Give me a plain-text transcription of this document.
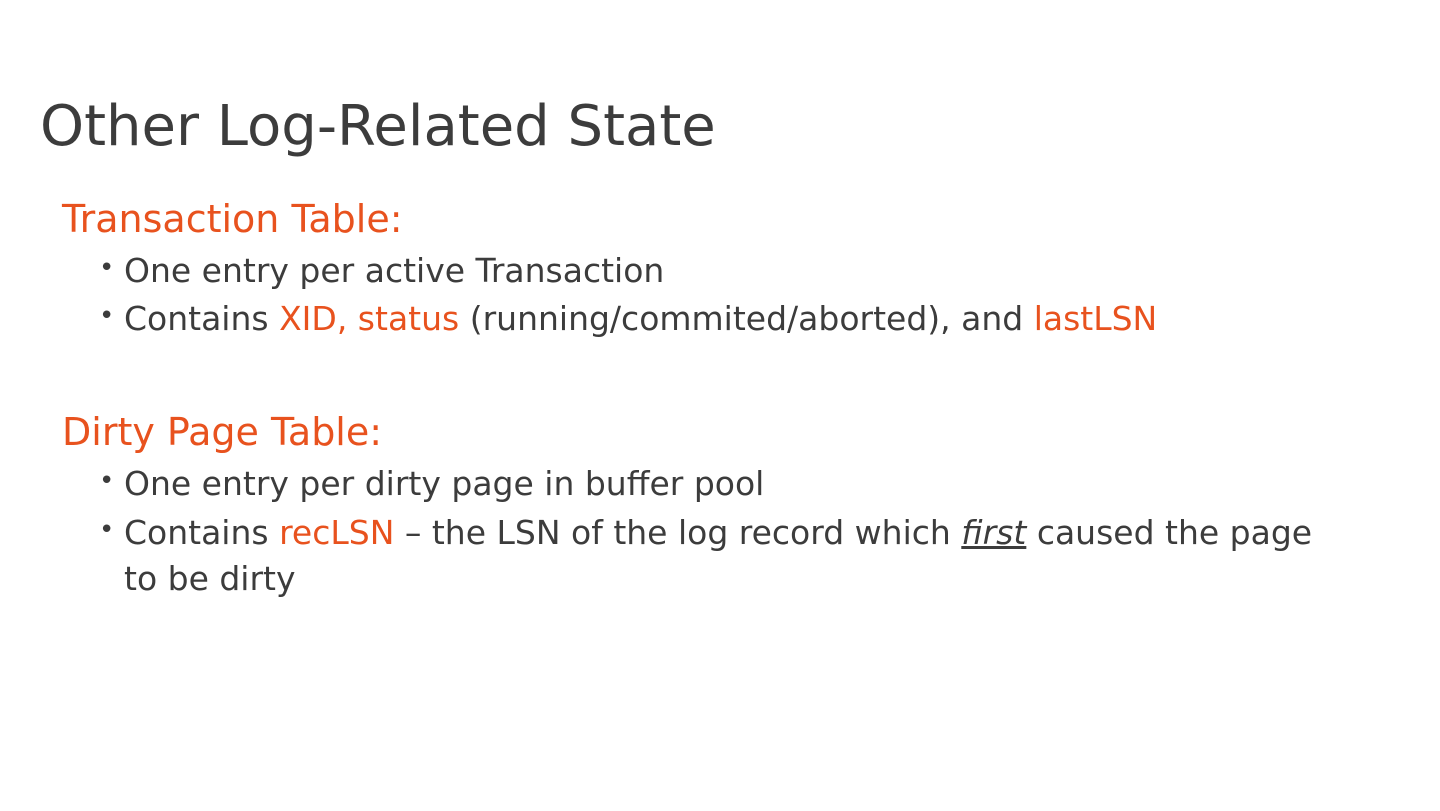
Other Log-Related State
Transaction Table:
• One entry per active Transaction
• Contains XID, status (running/commited/aborted), and lastLSN
Dirty Page Table:
• One entry per dirty page in buffer pool
• Contains recLSN – the LSN of the log record which first caused the page to be dirty
